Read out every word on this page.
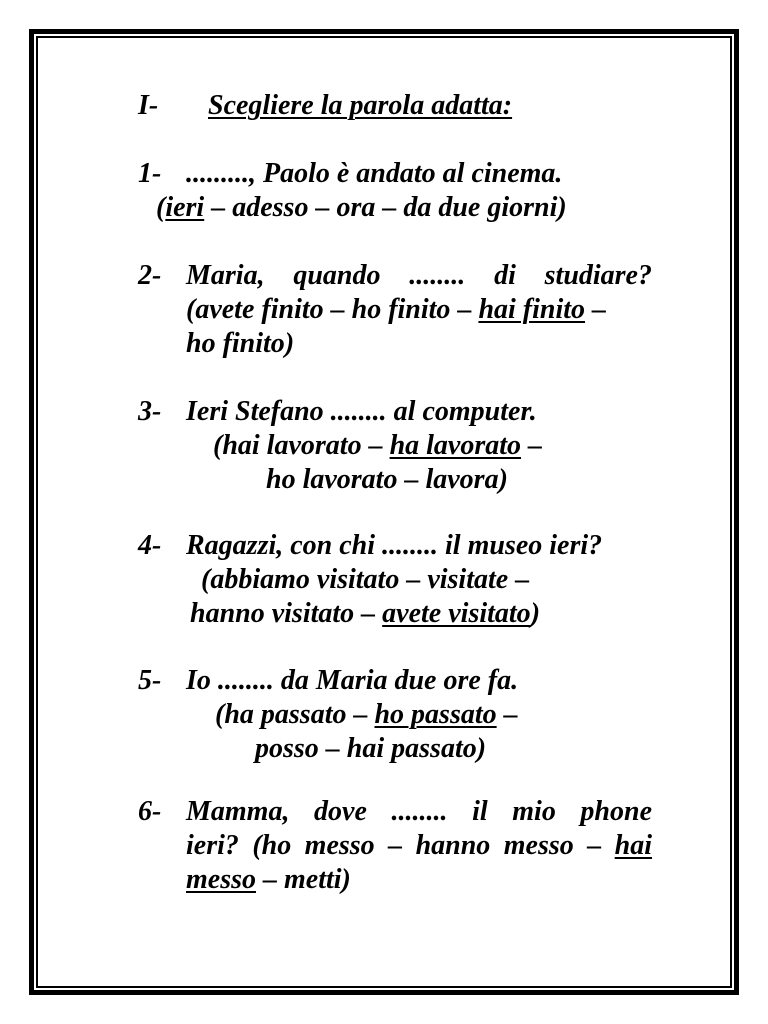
I- Scegliere la parola adatta:
1- ........., Paolo è andato al cinema.
(ieri – adesso – ora – da due giorni)
2- Maria, quando ........ di studiare?
(avete finito – ho finito – hai finito –
ho finito)
3- Ieri Stefano ........ al computer.
(hai lavorato – ha lavorato –
ho lavorato – lavora)
4- Ragazzi, con chi ........ il museo ieri?
(abbiamo visitato – visitate –
hanno visitato – avete visitato)
5- Io ........ da Maria due ore fa.
(ha passato – ho passato –
posso – hai passato)
6- Mamma, dove ........ il mio phone
ieri? (ho messo – hanno messo – hai
messo – metti)
